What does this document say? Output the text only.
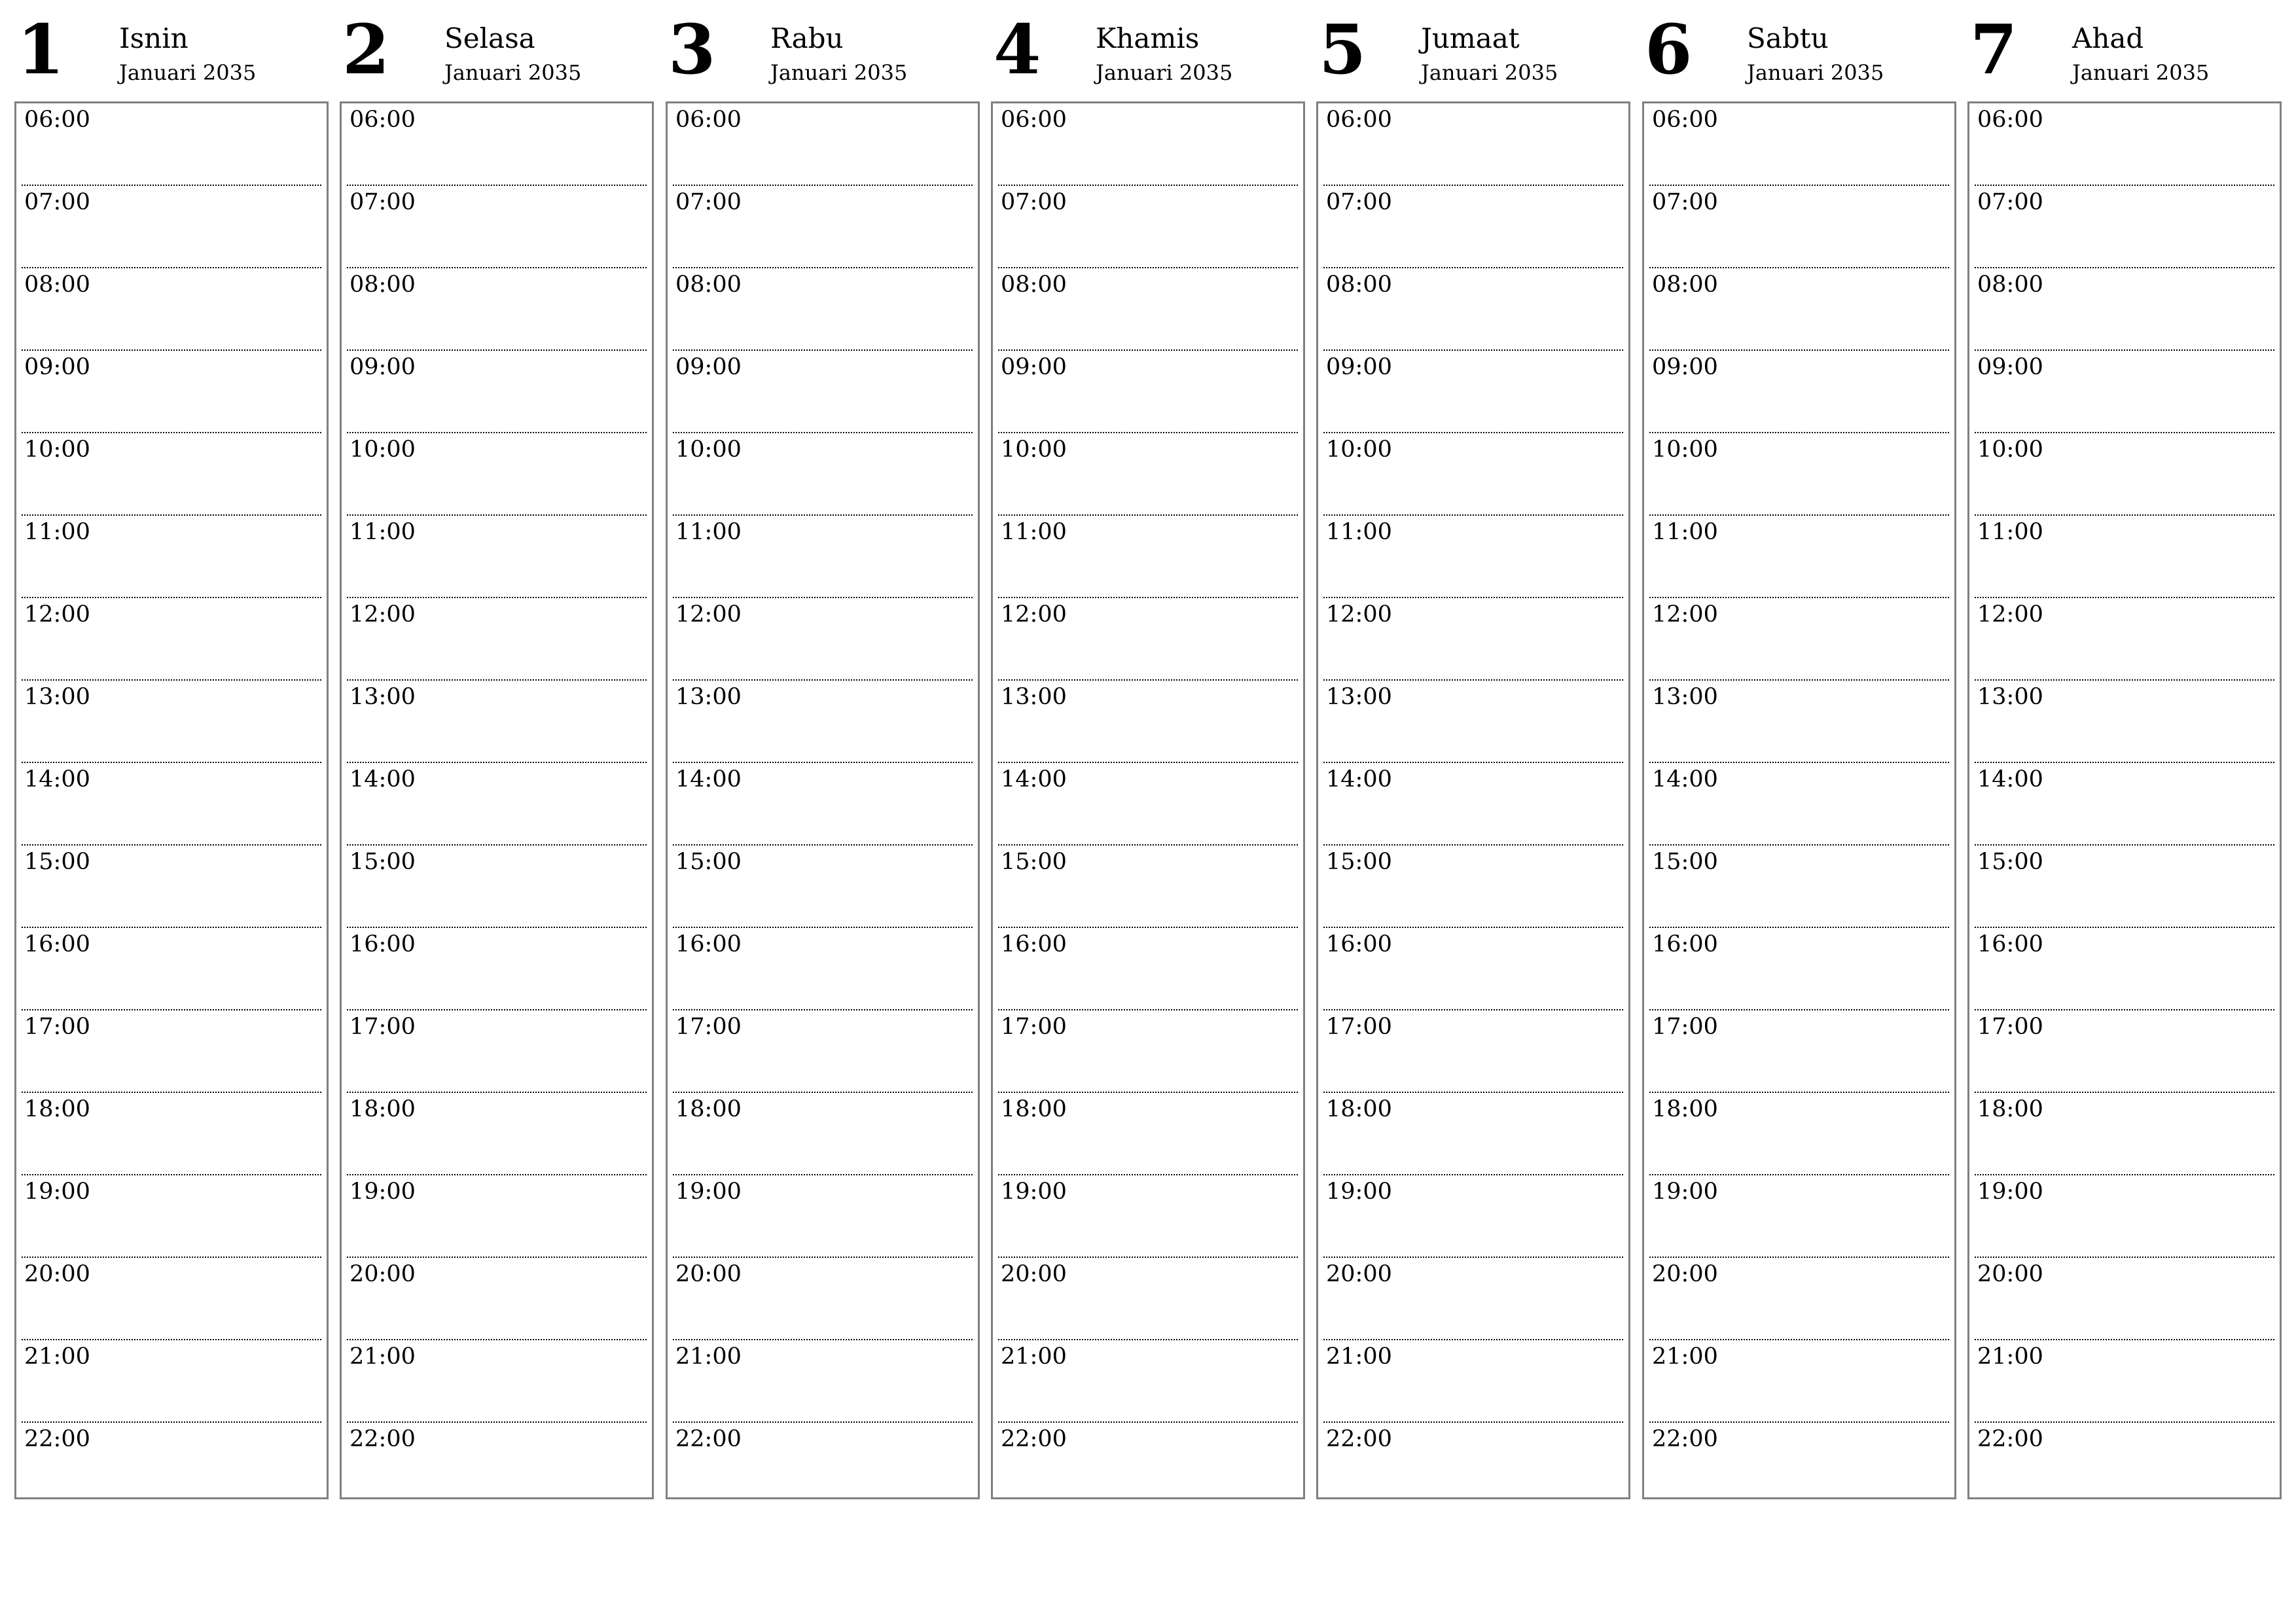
1 Isnin
Januari 2035
06:00
07:00
08:00
09:00
10:00
11:00
12:00
13:00
14:00
15:00
16:00
17:00
18:00
19:00
20:00
21:00
22:00
2 Selasa
Januari 2035
06:00
07:00
08:00
09:00
10:00
11:00
12:00
13:00
14:00
15:00
16:00
17:00
18:00
19:00
20:00
21:00
22:00
3 Rabu
Januari 2035
06:00
07:00
08:00
09:00
10:00
11:00
12:00
13:00
14:00
15:00
16:00
17:00
18:00
19:00
20:00
21:00
22:00
4 Khamis
Januari 2035
06:00
07:00
08:00
09:00
10:00
11:00
12:00
13:00
14:00
15:00
16:00
17:00
18:00
19:00
20:00
21:00
22:00
5 Jumaat
Januari 2035
06:00
07:00
08:00
09:00
10:00
11:00
12:00
13:00
14:00
15:00
16:00
17:00
18:00
19:00
20:00
21:00
22:00
6 Sabtu
Januari 2035
06:00
07:00
08:00
09:00
10:00
11:00
12:00
13:00
14:00
15:00
16:00
17:00
18:00
19:00
20:00
21:00
22:00
7 Ahad
Januari 2035
06:00
07:00
08:00
09:00
10:00
11:00
12:00
13:00
14:00
15:00
16:00
17:00
18:00
19:00
20:00
21:00
22:00
